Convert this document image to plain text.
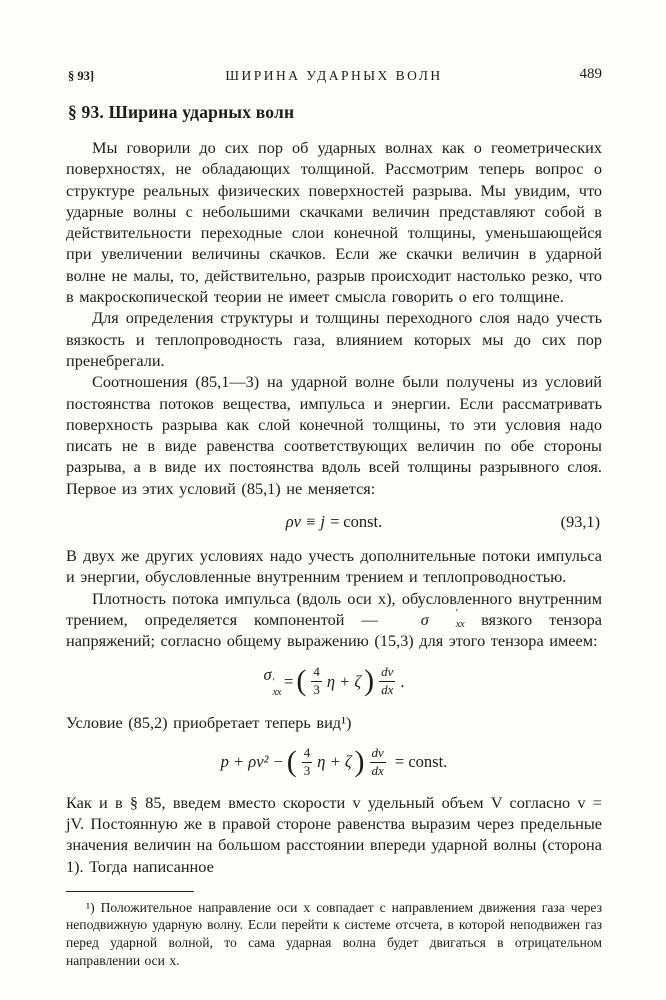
§ 93]	ШИРИНА УДАРНЫХ ВОЛН	489
§ 93. Ширина ударных волн

Мы говорили до сих пор об ударных волнах как о геометрических поверхностях, не обладающих толщиной. Рассмотрим теперь вопрос о структуре реальных физических поверхностей разрыва. Мы увидим, что ударные волны с небольшими скачками величин представляют собой в действительности переходные слои конечной толщины, уменьшающейся при увеличении величины скачков. Если же скачки величин в ударной волне не малы, то, действительно, разрыв происходит настолько резко, что в макроскопической теории не имеет смысла говорить о его толщине.

Для определения структуры и толщины переходного слоя надо учесть вязкость и теплопроводность газа, влиянием которых мы до сих пор пренебрегали.

Соотношения (85,1—3) на ударной волне были получены из условий постоянства потоков вещества, импульса и энергии. Если рассматривать поверхность разрыва как слой конечной толщины, то эти условия надо писать не в виде равенства соответствующих величин по обе стороны разрыва, а в виде их постоянства вдоль всей толщины разрывного слоя. Первое из этих условий (85,1) не меняется:

ρv ≡ j = const.	(93,1)

В двух же других условиях надо учесть дополнительные потоки импульса и энергии, обусловленные внутренним трением и теплопроводностью.

Плотность потока импульса (вдоль оси x), обусловленного внутренним трением, определяется компонентой —	σ	′
xx вязкого тензора напряжений; согласно общему выражению (15,3) для этого тензора имеем:

σ ′
xx
= ( $\frac{4}{3}$ η + ζ ) $\frac{dv}{dx}$ .

Условие (85,2) приобретает теперь вид¹)

p + ρv² − ( $\frac{4}{3}$ η + ζ ) $\frac{dv}{dx}$ = const.

Как и в § 85, введем вместо скорости v удельный объем V согласно v = jV. Постоянную же в правой стороне равенства выразим через предельные значения величин на большом расстоянии впереди ударной волны (сторона 1). Тогда написанное

¹) Положительное направление оси x совпадает с направлением движения газа через неподвижную ударную волну. Если перейти к системе отсчета, в которой неподвижен газ перед ударной волной, то сама ударная волна будет двигаться в отрицательном направлении оси x.
